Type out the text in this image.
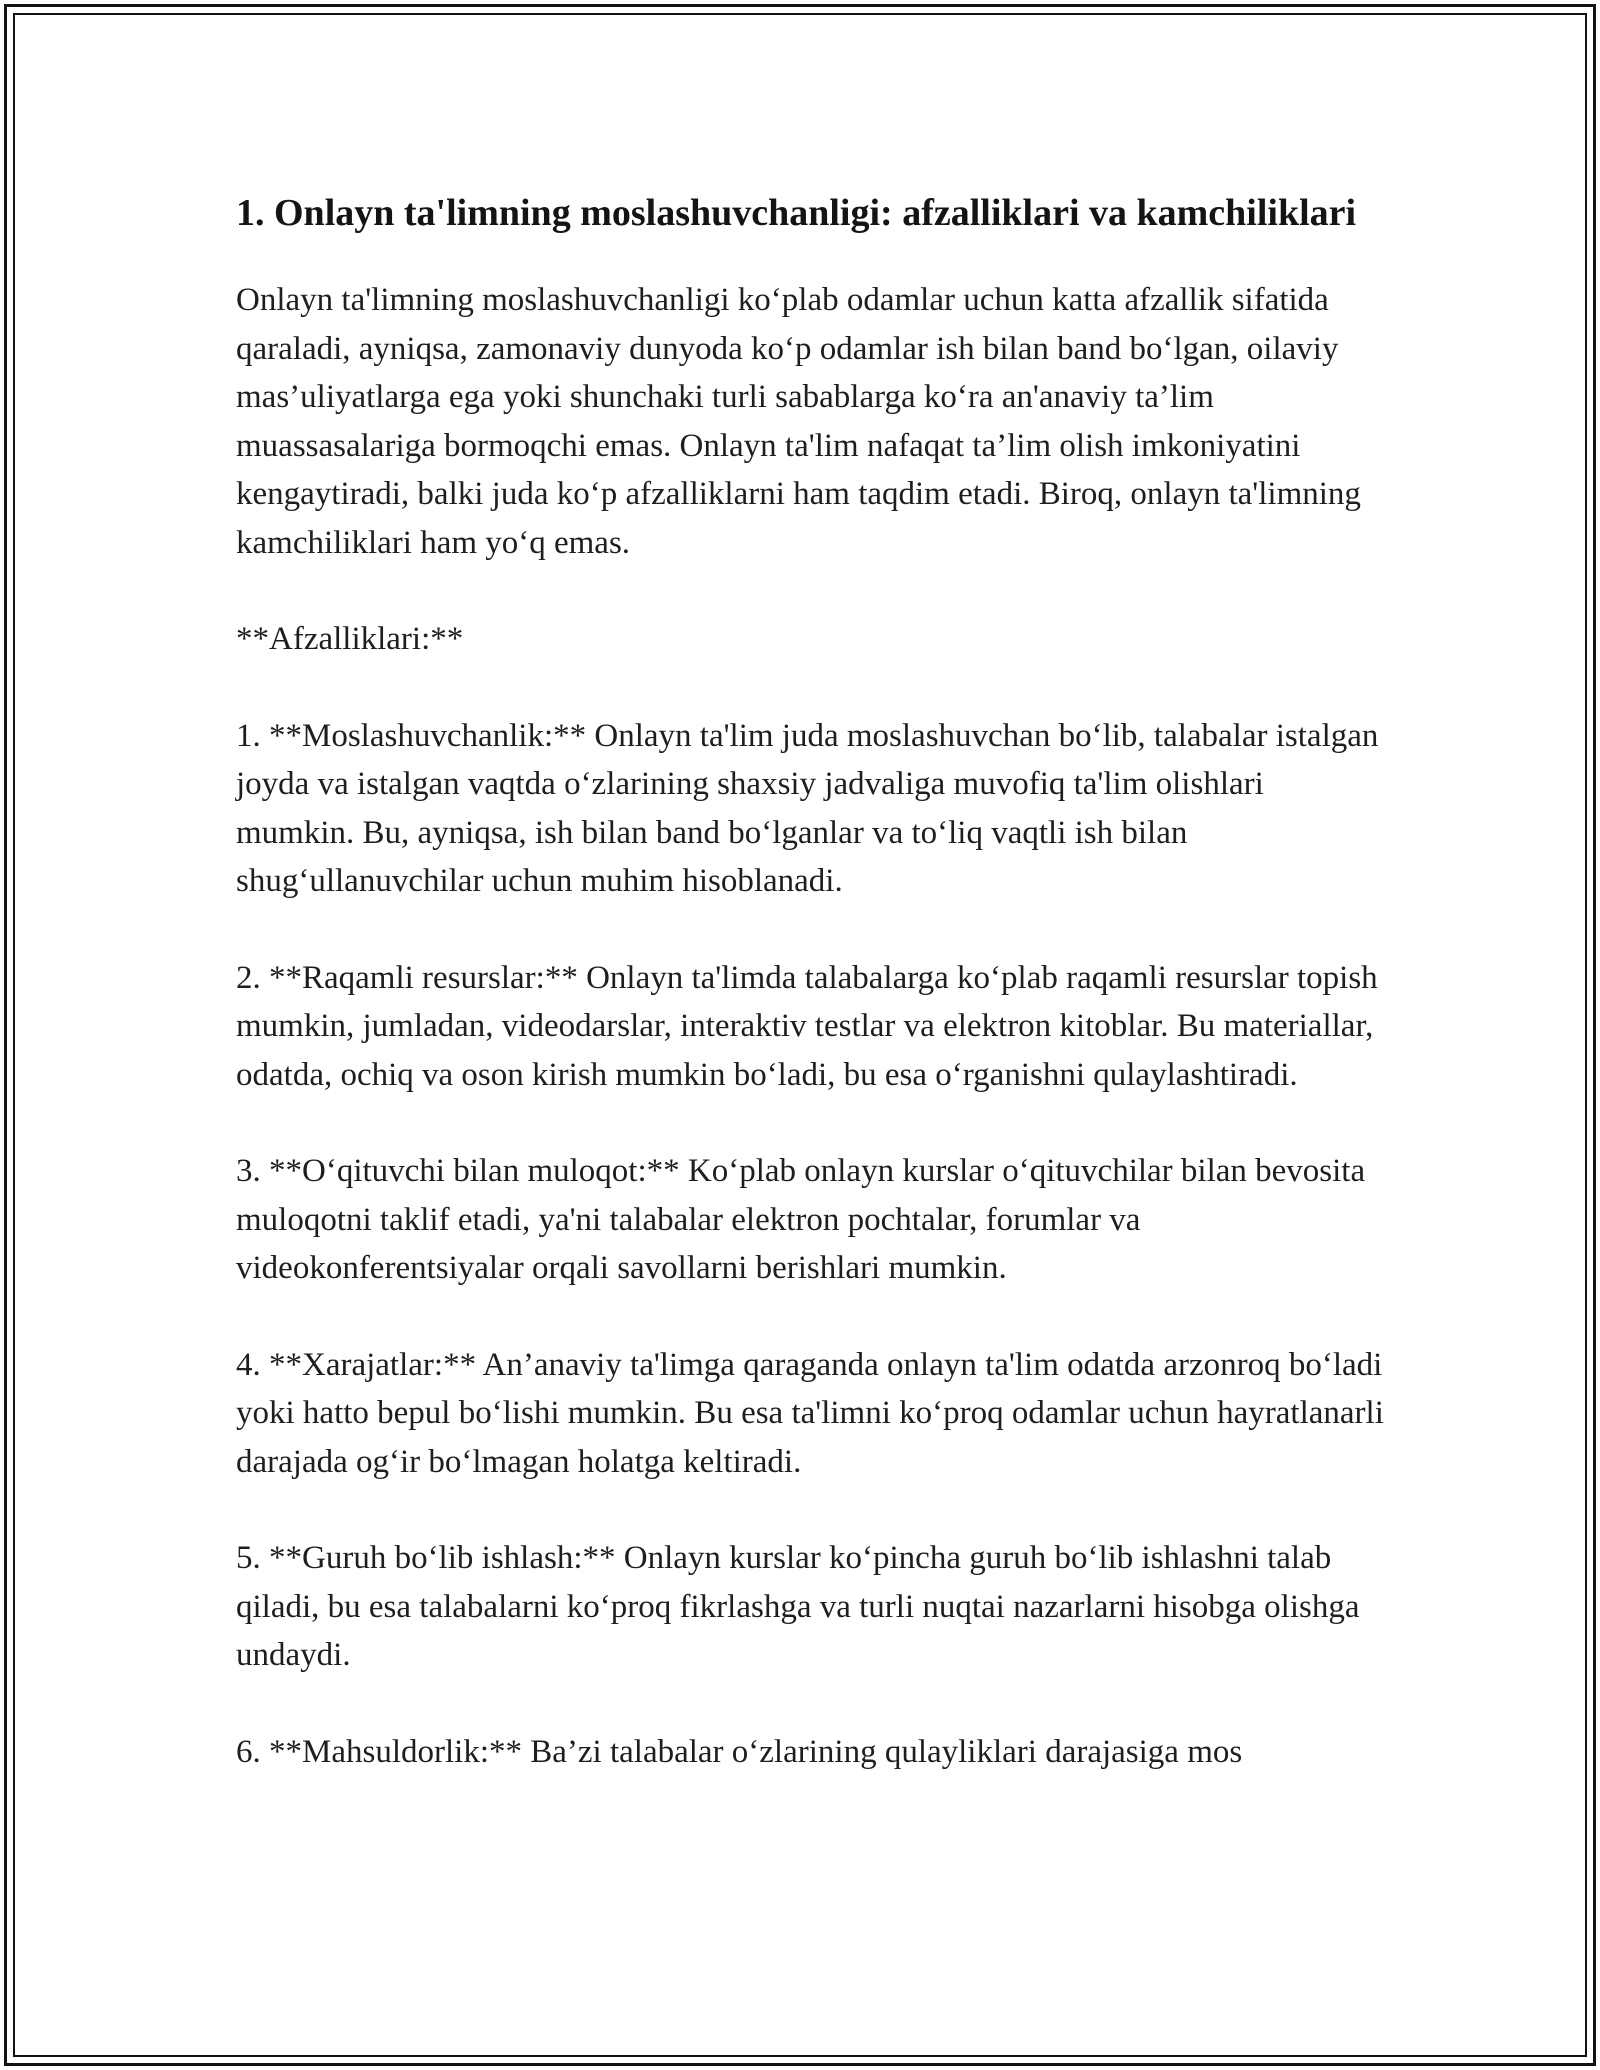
1. Onlayn ta'limning moslashuvchanligi: afzalliklari va kamchiliklari

Onlayn ta'limning moslashuvchanligi ko‘plab odamlar uchun katta afzallik sifatida qaraladi, ayniqsa, zamonaviy dunyoda ko‘p odamlar ish bilan band bo‘lgan, oilaviy mas’uliyatlarga ega yoki shunchaki turli sabablarga ko‘ra an'anaviy ta’lim muassasalariga bormoqchi emas. Onlayn ta'lim nafaqat ta’lim olish imkoniyatini kengaytiradi, balki juda ko‘p afzalliklarni ham taqdim etadi. Biroq, onlayn ta'limning kamchiliklari ham yo‘q emas.

**Afzalliklari:**

1. **Moslashuvchanlik:** Onlayn ta'lim juda moslashuvchan bo‘lib, talabalar istalgan joyda va istalgan vaqtda o‘zlarining shaxsiy jadvaliga muvofiq ta'lim olishlari mumkin. Bu, ayniqsa, ish bilan band bo‘lganlar va to‘liq vaqtli ish bilan shug‘ullanuvchilar uchun muhim hisoblanadi.

2. **Raqamli resurslar:** Onlayn ta'limda talabalarga ko‘plab raqamli resurslar topish mumkin, jumladan, videodarslar, interaktiv testlar va elektron kitoblar. Bu materiallar, odatda, ochiq va oson kirish mumkin bo‘ladi, bu esa o‘rganishni qulaylashtiradi.

3. **O‘qituvchi bilan muloqot:** Ko‘plab onlayn kurslar o‘qituvchilar bilan bevosita muloqotni taklif etadi, ya'ni talabalar elektron pochtalar, forumlar va videokonferentsiyalar orqali savollarni berishlari mumkin.

4. **Xarajatlar:** An’anaviy ta'limga qaraganda onlayn ta'lim odatda arzonroq bo‘ladi yoki hatto bepul bo‘lishi mumkin. Bu esa ta'limni ko‘proq odamlar uchun hayratlanarli darajada og‘ir bo‘lmagan holatga keltiradi.

5. **Guruh bo‘lib ishlash:** Onlayn kurslar ko‘pincha guruh bo‘lib ishlashni talab qiladi, bu esa talabalarni ko‘proq fikrlashga va turli nuqtai nazarlarni hisobga olishga undaydi.

6. **Mahsuldorlik:** Ba’zi talabalar o‘zlarining qulayliklari darajasiga mos
